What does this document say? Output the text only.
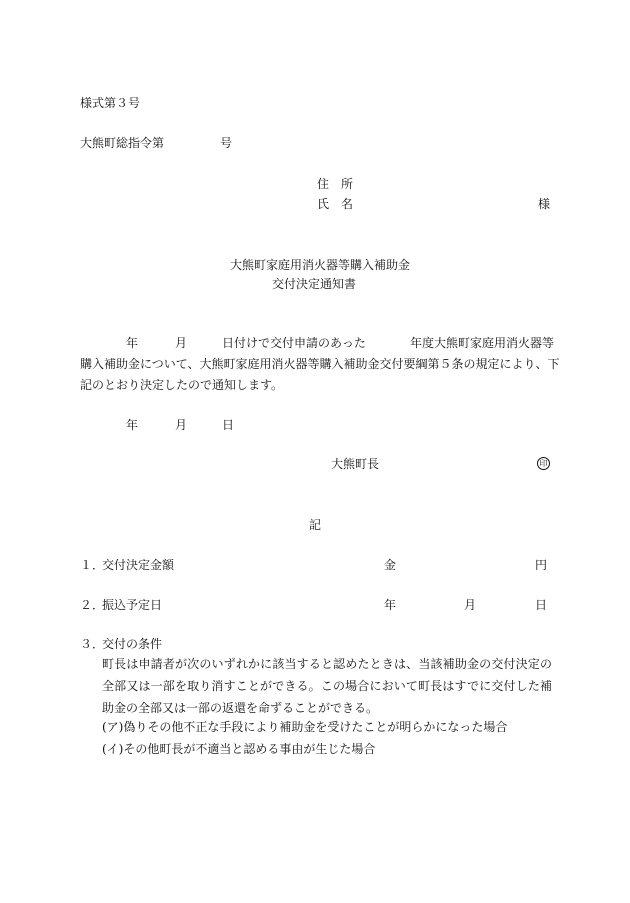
様式第３号
大熊町総指令第	号
住　所
氏　名	様
大熊町家庭用消火器等購入補助金
交付決定通知書
年	月	日付けで交付申請のあった	年度大熊町家庭用消火器等
購入補助金について、大熊町家庭用消火器等購入補助金交付要綱第５条の規定により、下
記のとおり決定したので通知します。
年	月	日
大熊町長	印
記
１．
交付決定金額	金	円
２．
振込予定日	年	月	日
３．
交付の条件
町長は申請者が次のいずれかに該当すると認めたときは、当該補助金の交付決定の全部又は一部を取り消すことができる。この場合において町長はすでに交付した補助金の全部又は一部の返還を命ずることができる。
(ア)偽りその他不正な手段により補助金を受けたことが明らかになった場合
(イ)その他町長が不適当と認める事由が生じた場合
